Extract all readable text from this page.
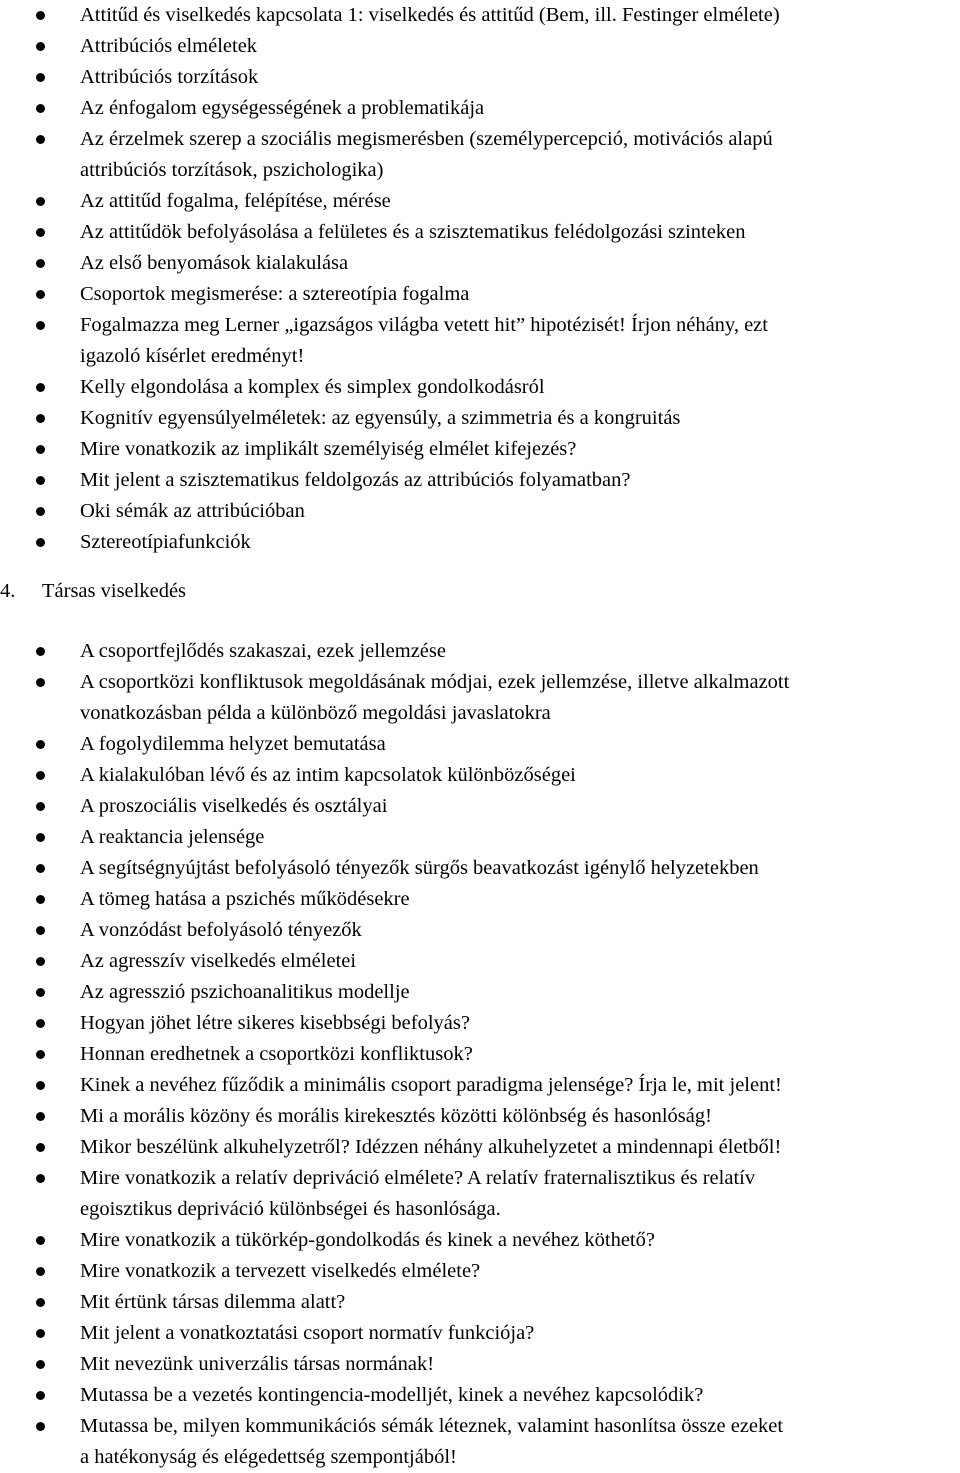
Attitűd és viselkedés kapcsolata 1: viselkedés és attitűd (Bem, ill. Festinger elmélete)
Attribúciós elméletek
Attribúciós torzítások
Az énfogalom egységességének a problematikája
Az érzelmek szerep a szociális megismerésben (személypercepció, motivációs alapú
attribúciós torzítások, pszichologika)
Az attitűd fogalma, felépítése, mérése
Az attitűdök befolyásolása a felületes és a szisztematikus felédolgozási szinteken
Az első benyomások kialakulása
Csoportok megismerése: a sztereotípia fogalma
Fogalmazza meg Lerner „igazságos világba vetett hit” hipotézisét! Írjon néhány, ezt
igazoló kísérlet eredményt!
Kelly elgondolása a komplex és simplex gondolkodásról
Kognitív egyensúlyelméletek: az egyensúly, a szimmetria és a kongruitás
Mire vonatkozik az implikált személyiség elmélet kifejezés?
Mit jelent a szisztematikus feldolgozás az attribúciós folyamatban?
Oki sémák az attribúcióban
Sztereotípiafunkciók
4. Társas viselkedés
A csoportfejlődés szakaszai, ezek jellemzése
A csoportközi konfliktusok megoldásának módjai, ezek jellemzése, illetve alkalmazott
vonatkozásban példa a különböző megoldási javaslatokra
A fogolydilemma helyzet bemutatása
A kialakulóban lévő és az intim kapcsolatok különbözőségei
A proszociális viselkedés és osztályai
A reaktancia jelensége
A segítségnyújtást befolyásoló tényezők sürgős beavatkozást igénylő helyzetekben
A tömeg hatása a pszichés működésekre
A vonzódást befolyásoló tényezők
Az agresszív viselkedés elméletei
Az agresszió pszichoanalitikus modellje
Hogyan jöhet létre sikeres kisebbségi befolyás?
Honnan eredhetnek a csoportközi konfliktusok?
Kinek a nevéhez fűződik a minimális csoport paradigma jelensége? Írja le, mit jelent!
Mi a morális közöny és morális kirekesztés közötti kölönbség és hasonlóság!
Mikor beszélünk alkuhelyzetről? Idézzen néhány alkuhelyzetet a mindennapi életből!
Mire vonatkozik a relatív depriváció elmélete? A relatív fraternalisztikus és relatív
egoisztikus depriváció különbségei és hasonlósága.
Mire vonatkozik a tükörkép-gondolkodás és kinek a nevéhez köthető?
Mire vonatkozik a tervezett viselkedés elmélete?
Mit értünk társas dilemma alatt?
Mit jelent a vonatkoztatási csoport normatív funkciója?
Mit nevezünk univerzális társas normának!
Mutassa be a vezetés kontingencia-modelljét, kinek a nevéhez kapcsolódik?
Mutassa be, milyen kommunikációs sémák léteznek, valamint hasonlítsa össze ezeket
a hatékonyság és elégedettség szempontjából!
